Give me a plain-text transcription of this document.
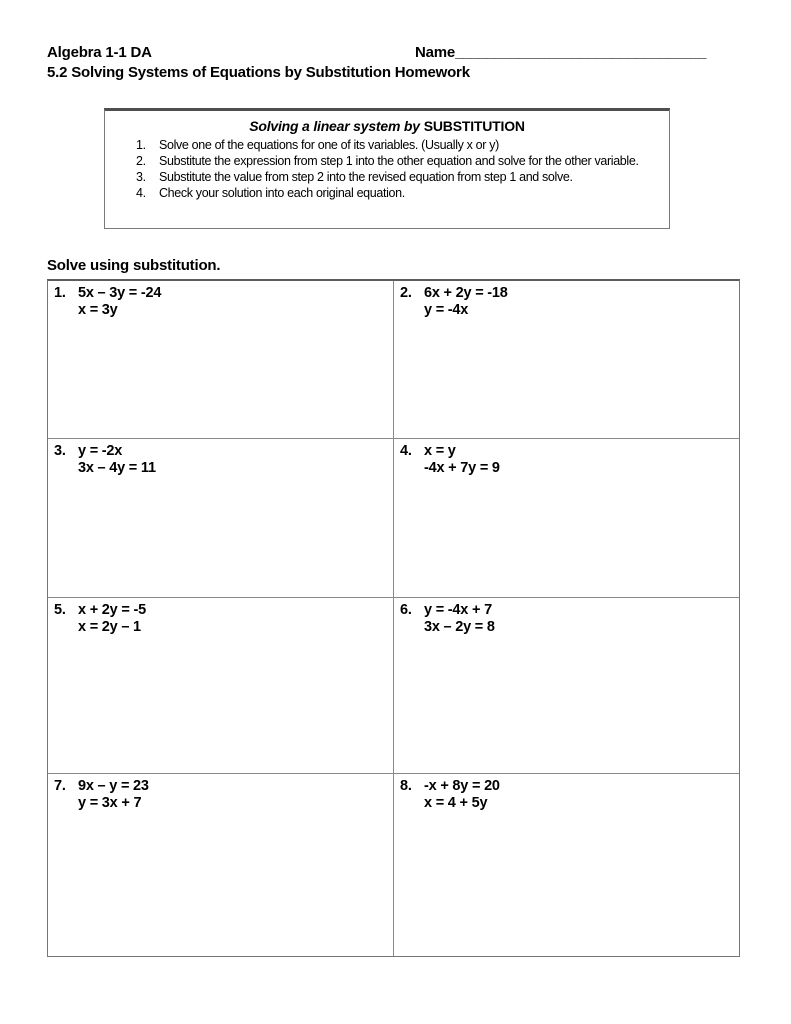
Algebra 1-1 DA	Name________________________________
5.2 Solving Systems of Equations by Substitution Homework
Solving a linear system by SUBSTITUTION
1. Solve one of the equations for one of its variables. (Usually x or y)
2. Substitute the expression from step 1 into the other equation and solve for the other variable.
3. Substitute the value from step 2 into the revised equation from step 1 and solve.
4. Check your solution into each original equation.
Solve using substitution.
1. 5x – 3y = -24
x = 3y
2. 6x + 2y = -18
y = -4x
3. y = -2x
3x – 4y = 11
4. x = y
-4x + 7y = 9
5. x + 2y = -5
x = 2y – 1
6. y = -4x + 7
3x – 2y = 8
7. 9x – y = 23
y = 3x + 7
8. -x + 8y = 20
x = 4 + 5y
